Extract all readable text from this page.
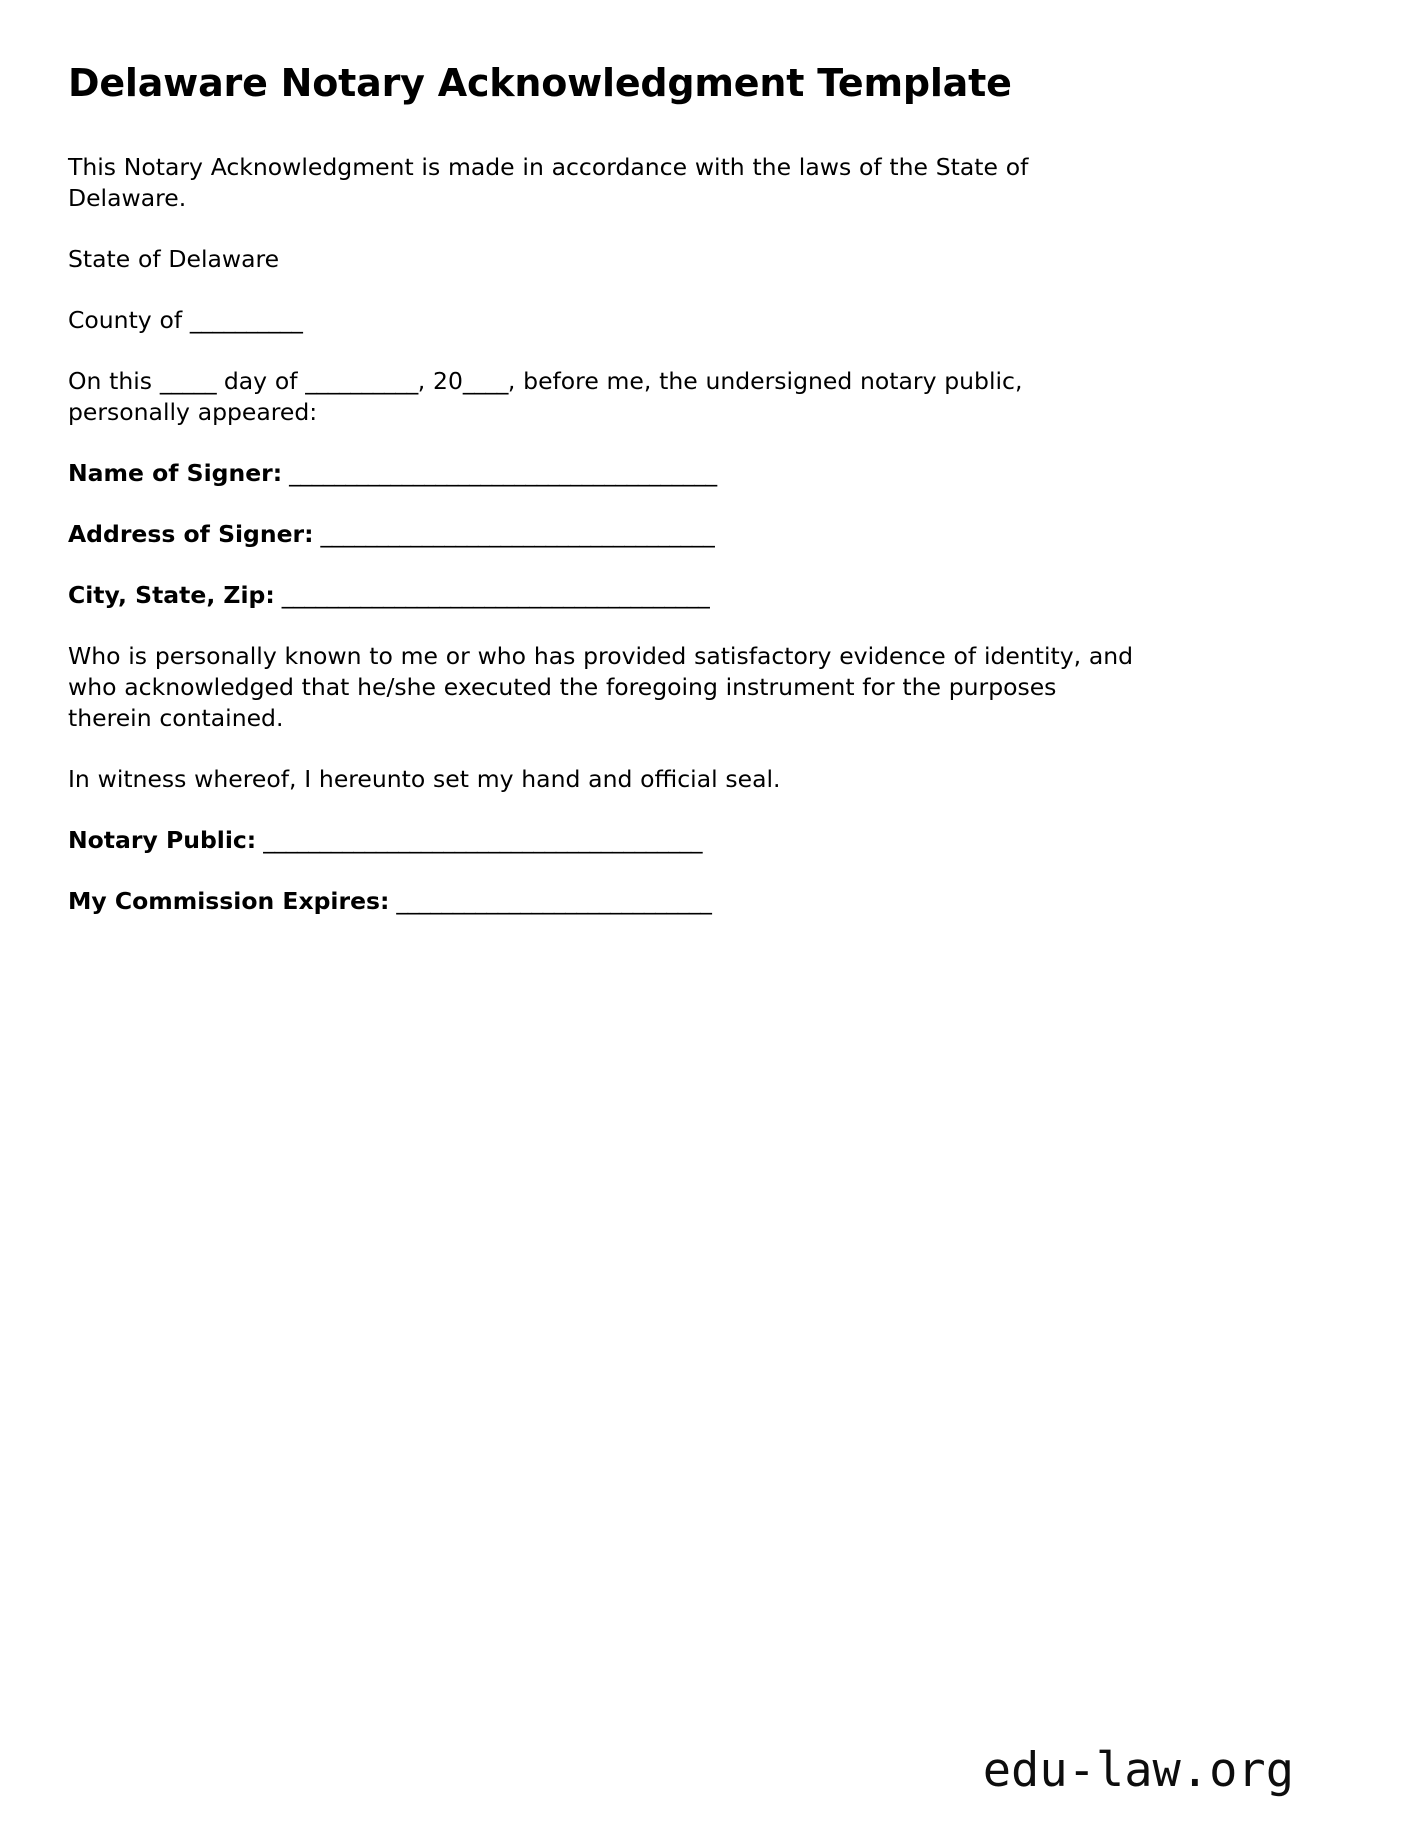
Delaware Notary Acknowledgment Template

This Notary Acknowledgment is made in accordance with the laws of the State of Delaware.

State of Delaware

County of __________

On this _____ day of __________, 20____, before me, the undersigned notary public, personally appeared:

Name of Signer: ______________________________________
Address of Signer: ___________________________________
City, State, Zip: ______________________________________

Who is personally known to me or who has provided satisfactory evidence of identity, and who acknowledged that he/she executed the foregoing instrument for the purposes therein contained.

In witness whereof, I hereunto set my hand and official seal.

Notary Public: _______________________________________
My Commission Expires: ____________________________
edu-law.org
